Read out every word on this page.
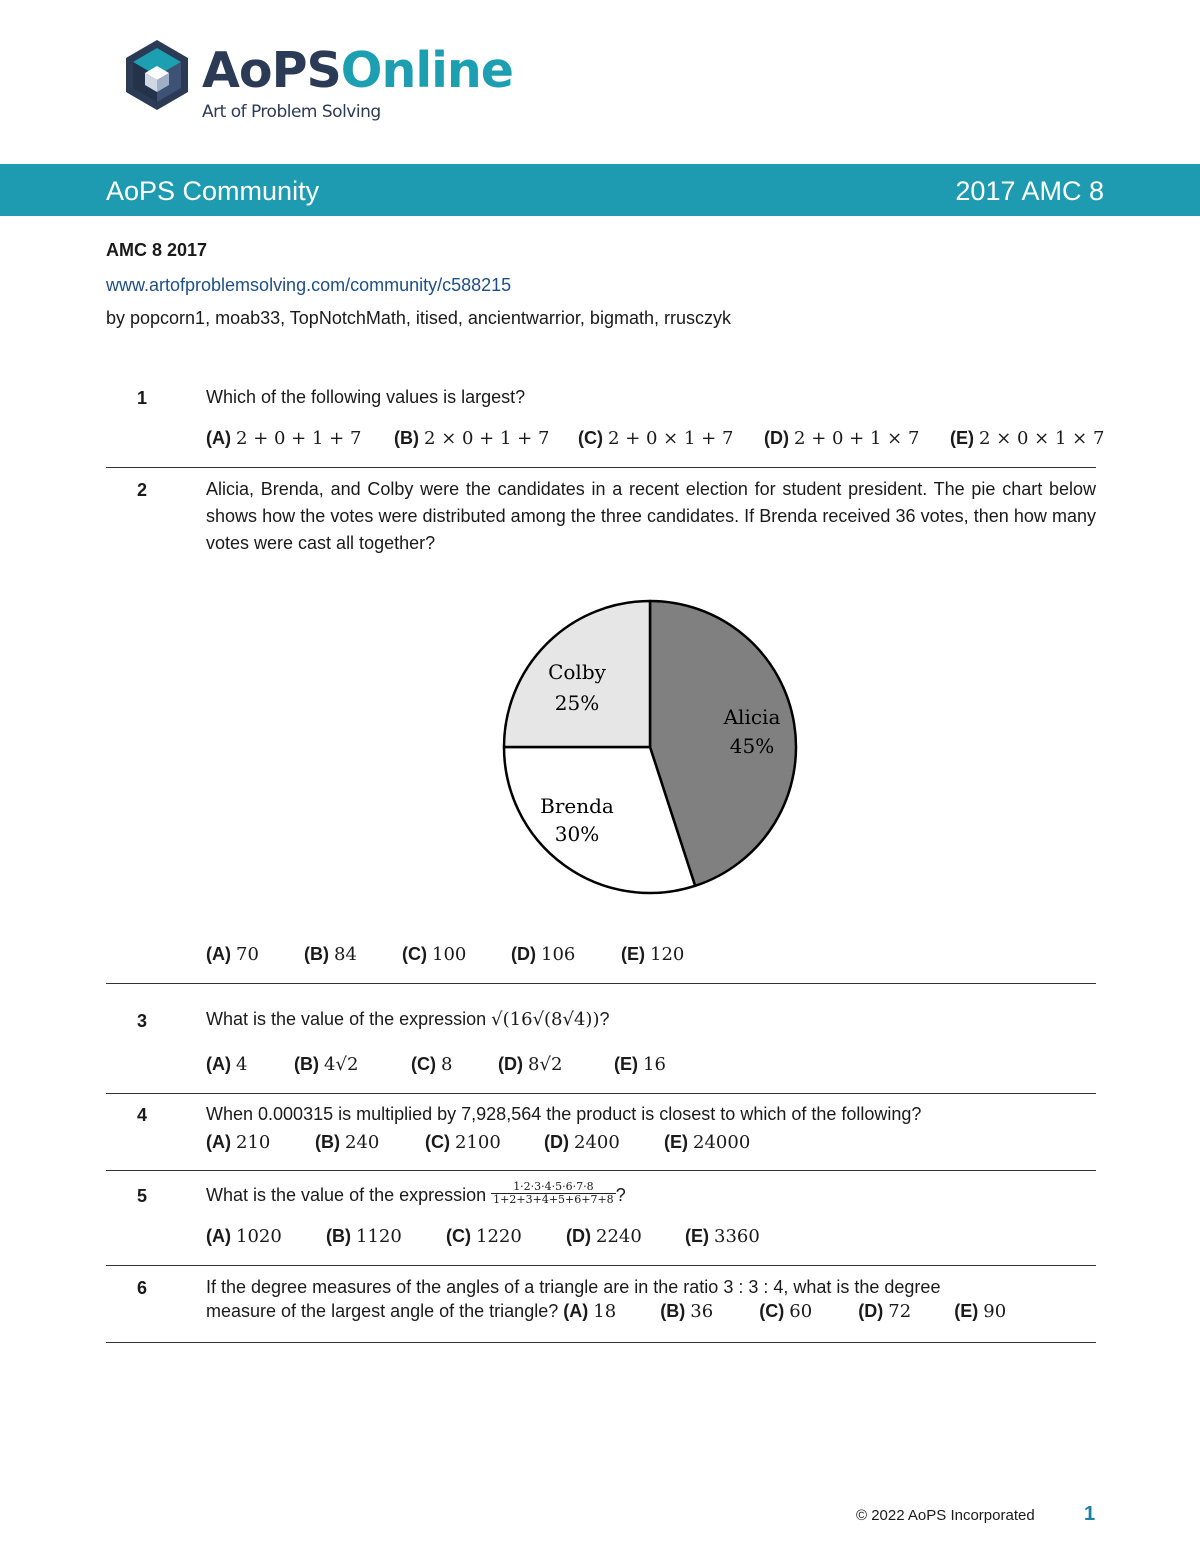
AoPSOnline
Art of Problem Solving
AoPS Community	2017 AMC 8
AMC 8 2017
www.artofproblemsolving.com/community/c588215
by popcorn1, moab33, TopNotchMath, itised, ancientwarrior, bigmath, rrusczyk
1	Which of the following values is largest?
(A) 2 + 0 + 1 + 7 (B) 2 × 0 + 1 + 7 (C) 2 + 0 × 1 + 7 (D) 2 + 0 + 1 × 7 (E) 2 × 0 × 1 × 7
2	Alicia, Brenda, and Colby were the candidates in a recent election for student president. The pie chart below shows how the votes were distributed among the three candidates. If Brenda received 36 votes, then how many votes were cast all together?
Alicia
45%
Brenda
30%
Colby
25%
(A) 70	(B) 84	(C) 100 (D) 106	(E) 120
3	What is the value of the expression √(16√(8√4))?
(A) 4	(B) 4√2	(C) 8	(D) 8√2	(E) 16
4	When 0.000315 is multiplied by 7,928,564 the product is closest to which of the following?
(A) 210 (B) 240	(C) 2100 (D) 2400 (E) 24000
5	What is the value of the expression $\frac{1\cdot 2\cdot 3\cdot 4\cdot 5\cdot 6\cdot 7\cdot 8}{1+2+3+4+5+6+7+8}$ ?
(A) 1020 (B) 1120 (C) 1220 (D) 2240 (E) 3360
6	If the degree measures of the angles of a triangle are in the ratio 3 : 3 : 4, what is the degree
measure of the largest angle of the triangle? (A) 18 (B) 36	(C) 60	(D) 72 (E) 90
© 2022 AoPS Incorporated 1
